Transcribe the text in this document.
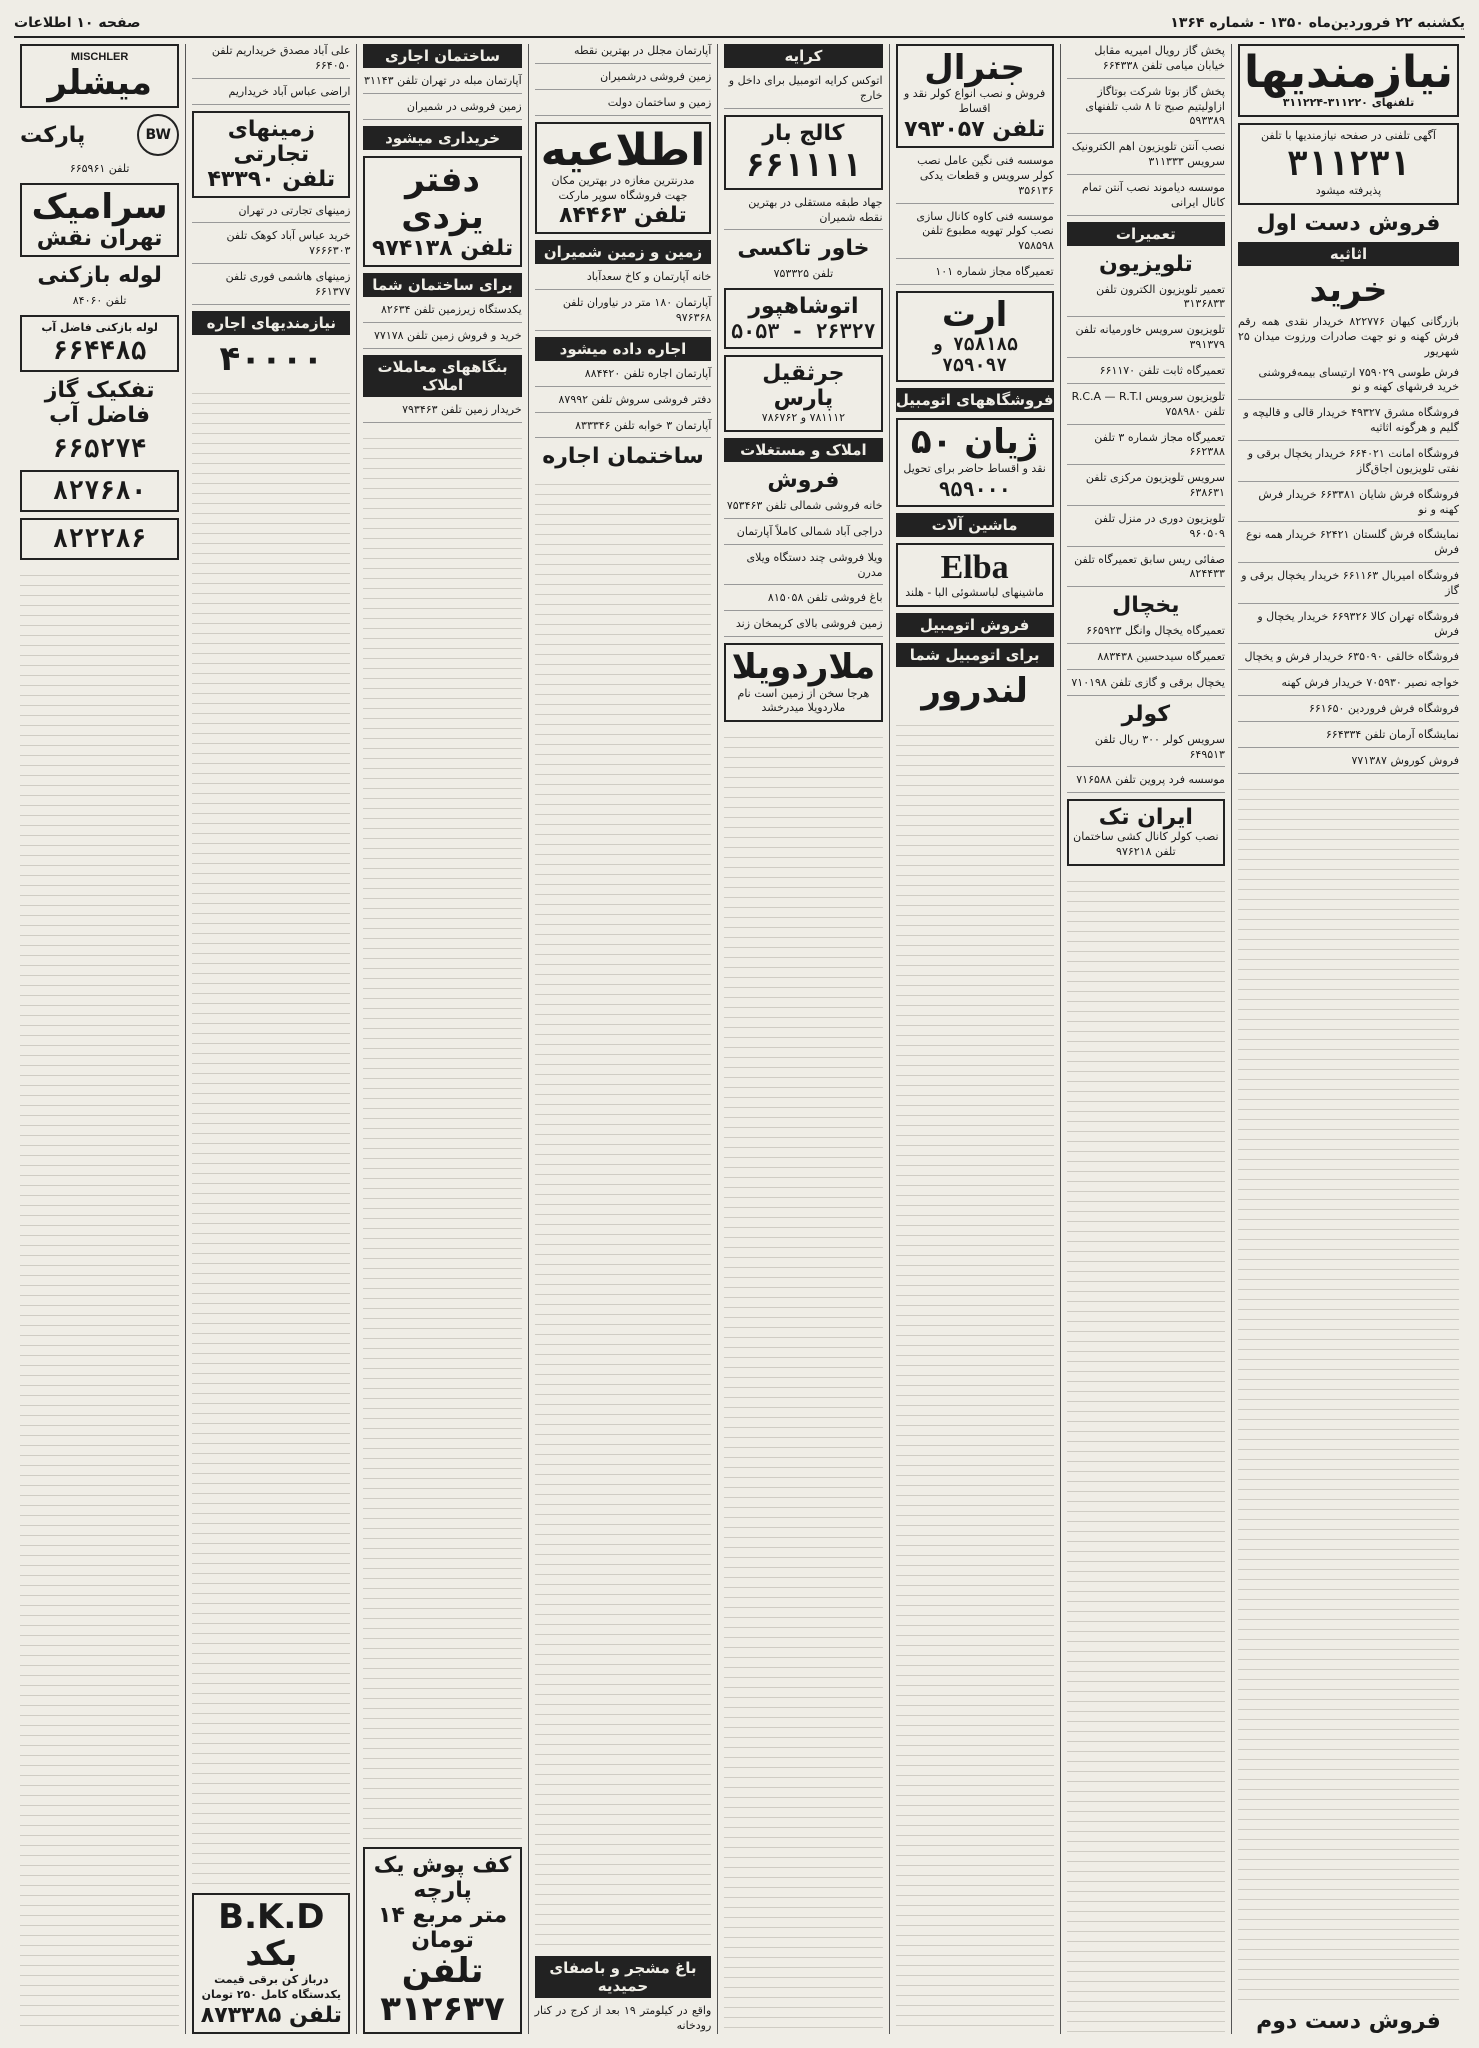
یکشنبه ۲۲ فروردین‌ماه ۱۳۵۰ - شماره ۱۳۶۴
صفحه ۱۰ اطلاعات
نیازمندیها
تلفنهای ۳۱۱۲۲۰-۳۱۱۲۲۴
آگهی تلفنی در صفحه نیازمندیها با تلفن
۳۱۱۲۳۱
پذیرفته میشود
فروش دست اول
اثاثیه
خرید
بازرگانی کیهان ۸۲۲۷۷۶ خریدار نقدی همه رقم فرش کهنه و نو جهت صادرات ورزوت میدان ۲۵ شهریور
فرش طوسی ۷۵۹۰۲۹ ارتیسای بیمه‌فروشنی خرید فرشهای کهنه و نو
فروشگاه مشرق ۴۹۳۲۷ خریدار قالی و قالیچه و گلیم و هرگونه اثاثیه
فروشگاه امانت ۶۶۴۰۲۱ خریدار یخچال برقی و نفتی تلویزیون اجاق‌گاز
فروشگاه فرش شایان ۶۶۳۳۸۱ خریدار فرش کهنه و نو
نمایشگاه فرش گلستان ۶۲۴۲۱ خریدار همه نوع فرش
فروشگاه امیربال ۶۶۱۱۶۳ خریدار یخچال برقی و گاز
فروشگاه تهران کالا ۶۶۹۳۲۶ خریدار یخچال و فرش
فروشگاه خالقی ۶۳۵۰۹۰ خریدار فرش و یخچال
خواجه نصیر ۷۰۵۹۳۰ خریدار فرش کهنه
فروشگاه فرش فروردین ۶۶۱۶۵۰
نمایشگاه آرمان تلفن ۶۶۴۳۳۴
فروش کوروش ۷۷۱۳۸۷
فروش دست دوم
پخش گاز رویال امیریه مقابل خیابان میامی تلفن ۶۶۴۳۳۸
پخش گاز بوتا شرکت بوتاگاز ازاولیتیم صبح تا ۸ شب تلفنهای ۵۹۳۳۸۹
نصب آنتن تلویزیون اهم الکترونیک سرویس ۳۱۱۳۳۳
موسسه دیاموند نصب آنتن تمام کانال ایرانی
تعمیرات
تلویزیون
تعمیر تلویزیون الکترون تلفن ۳۱۳۶۸۳۳
تلویزیون سرویس خاورمیانه تلفن ۳۹۱۳۷۹
تعمیرگاه ثابت تلفن ۶۶۱۱۷۰
تلویزیون سرویس R.C.A — R.T.I تلفن ۷۵۸۹۸۰
تعمیرگاه مجاز شماره ۳ تلفن ۶۶۲۳۸۸
سرویس تلویزیون مرکزی تلفن ۶۳۸۶۳۱
تلویزیون دوری در منزل تلفن ۹۶۰۵۰۹
صفائی ریس سابق تعمیرگاه تلفن ۸۲۴۴۳۳
یخچال
تعمیرگاه یخچال وانگل ۶۶۵۹۲۳
تعمیرگاه سیدحسین ۸۸۳۴۳۸
یخچال برقی و گازی تلفن ۷۱۰۱۹۸
کولر
سرویس کولر ۳۰۰ ریال تلفن ۶۴۹۵۱۳
موسسه فرد پروین تلفن ۷۱۶۵۸۸
ایران تک
نصب کولر کانال کشی ساختمان تلفن ۹۷۶۲۱۸
جنرال
فروش و نصب انواع کولر نقد و اقساط
تلفن ۷۹۳۰۵۷
موسسه فنی نگین عامل نصب کولر سرویس و قطعات یدکی ۳۵۶۱۳۶
موسسه فنی کاوه کانال سازی نصب کولر تهویه مطبوع تلفن ۷۵۸۵۹۸
تعمیرگاه مجاز شماره ۱۰۱
ارت
۷۵۸۱۸۵ و ۷۵۹۰۹۷
فروشگاههای اتومبیل
ژیان ۵۰
نقد و اقساط حاضر برای تحویل
۹۵۹۰۰۰
ماشین آلات
Elba
ماشینهای لباسشوئی البا - هلند
فروش اتومبیل
برای اتومبیل شما
لندرور
کرایه
اتوکس کرایه اتومبیل برای داخل و خارج
کالج بار
۶۶۱۱۱۱
جهاد طبقه مستقلی در بهترین نقطه شمیران
خاور تاکسی
تلفن ۷۵۳۳۲۵
اتوشاهپور
۲۶۳۲۷ - ۵۰۵۳
جرثقیل پارس
۷۸۱۱۱۲ و ۷۸۶۷۶۲
املاک و مستغلات
فروش
خانه فروشی شمالی تلفن ۷۵۳۴۶۳
دراجی آباد شمالی کاملاً آپارتمان
ویلا فروشی چند دستگاه ویلای مدرن
باغ فروشی تلفن ۸۱۵۰۵۸
زمین فروشی بالای کریمخان زند
ملاردویلا
هرجا سخن از زمین است نام ملاردویلا میدرخشد
آپارتمان مجلل در بهترین نقطه
زمین فروشی درشمیران
زمین و ساختمان دولت
اطلاعیه
مدرنترین مغازه در بهترین مکان جهت فروشگاه سوپر مارکت
تلفن ۸۴۴۶۳
زمین و زمین شمیران
خانه آپارتمان و کاخ سعدآباد
آپارتمان ۱۸۰ متر در نیاوران تلفن ۹۷۶۳۶۸
اجاره داده میشود
آپارتمان اجاره تلفن ۸۸۴۴۲۰
دفتر فروشی سروش تلفن ۸۷۹۹۲
آپارتمان ۳ خوابه تلفن ۸۳۳۳۴۶
ساختمان اجاره
باغ مشجر و باصفای حمیدیه
واقع در کیلومتر ۱۹ بعد از کرج در کنار رودخانه
ساختمان اجاری
آپارتمان مبله در تهران تلفن ۳۱۱۴۳
زمین فروشی در شمیران
خریداری میشود
دفتر یزدی
تلفن ۹۷۴۱۳۸
برای ساختمان شما
یکدستگاه زیرزمین تلفن ۸۲۶۳۴
خرید و فروش زمین تلفن ۷۷۱۷۸
بنگاههای معاملات املاک
خریدار زمین تلفن ۷۹۳۴۶۳
کف پوش یک پارچه
متر مربع ۱۴ تومان
تلفن ۳۱۲۶۳۷
علی آباد مصدق خریداریم تلفن ۶۶۴۰۵۰
اراضی عباس آباد خریداریم
زمینهای تجارتی
تلفن ۴۳۳۹۰
زمینهای تجارتی در تهران
خرید عباس آباد کوهک تلفن ۷۶۶۶۳۰۳
زمینهای هاشمی فوری تلفن ۶۶۱۳۷۷
نیازمندیهای اجاره
۴۰۰۰۰
B.K.D بکد
درباز کن برقی قیمت یکدستگاه کامل ۲۵۰ تومان
تلفن ۸۷۳۳۸۵
MISCHLER
میشلر
BW
پارکت
تلفن ۶۶۵۹۶۱
سرامیک
تهران نقش
لوله بازکنی
تلفن ۸۴۰۶۰
لوله بازکنی فاضل آب
۶۶۴۴۸۵
تفکیک گاز فاضل آب
۶۶۵۲۷۴
۸۲۷۶۸۰
۸۲۲۲۸۶
